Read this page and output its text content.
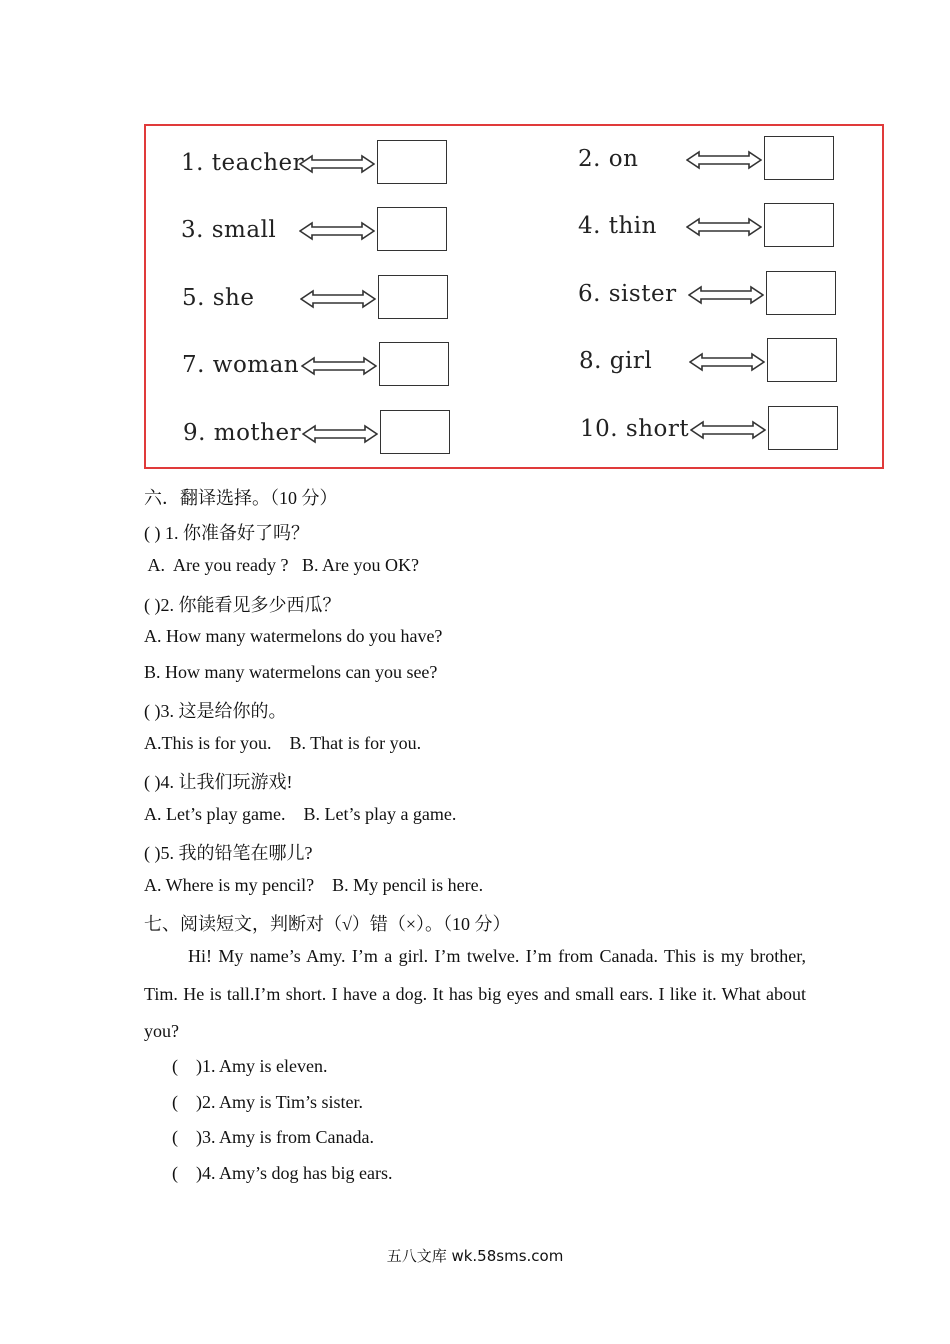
1. teacher	2. on
3. small	4. thin
5. she	6. sister
7. woman	8. girl
9. mother	10. short
六．翻译选择。（10 分）
( ) 1. 你准备好了吗？
A.  Are you ready ?   B. Are you OK?
( )2. 你能看见多少西瓜？
A. How many watermelons do you have?
B. How many watermelons can you see?
( )3. 这是给你的。
A.This is for you.    B. That is for you.
( )4. 让我们玩游戏!
A. Let’s play game.    B. Let’s play a game.
( )5. 我的铅笔在哪儿?
A. Where is my pencil?    B. My pencil is here.
七、阅读短文，判断对（√）错（×）。（10 分）
Hi! My name’s Amy. I’m a girl. I’m twelve. I’m from Canada. This is my brother, Tim. He is tall.I’m short. I have a dog. It has big eyes and small ears. I like it. What about you?
(    )1. Amy is eleven.
(    )2. Amy is Tim’s sister.
(    )3. Amy is from Canada.
(    )4. Amy’s dog has big ears.
五八文库 wk.58sms.com
